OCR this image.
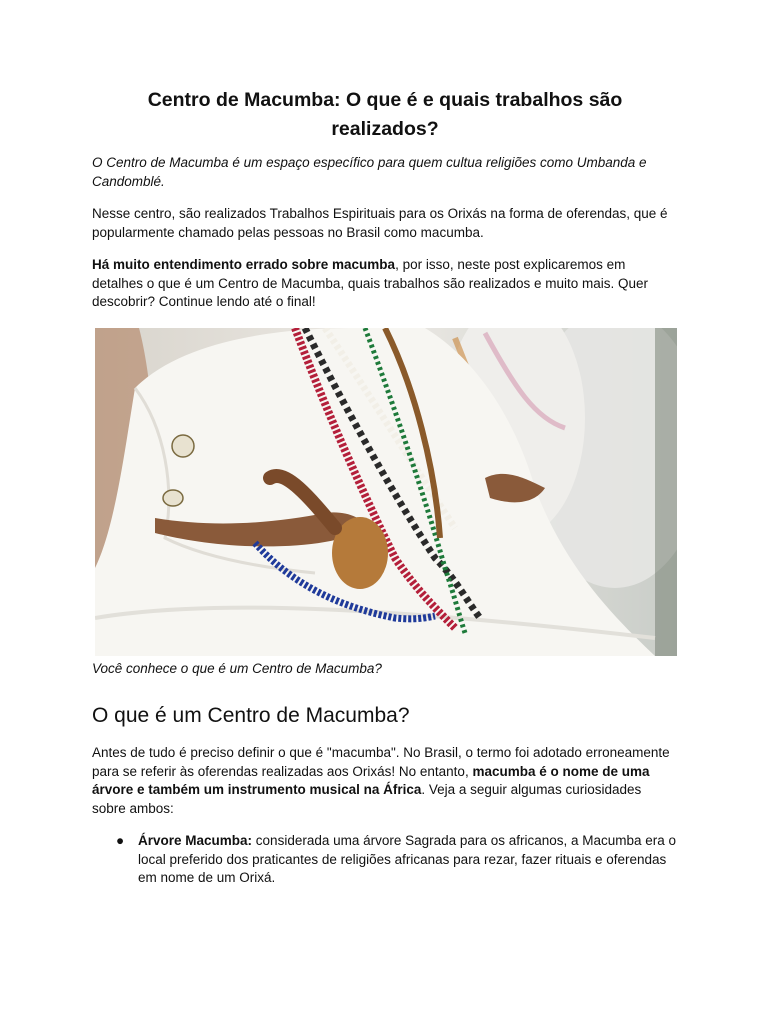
Centro de Macumba: O que é e quais trabalhos são realizados?

O Centro de Macumba é um espaço específico para quem cultua religiões como Umbanda e Candomblé.

Nesse centro, são realizados Trabalhos Espirituais para os Orixás na forma de oferendas, que é popularmente chamado pelas pessoas no Brasil como macumba.

Há muito entendimento errado sobre macumba, por isso, neste post explicaremos em detalhes o que é um Centro de Macumba, quais trabalhos são realizados e muito mais. Quer descobrir? Continue lendo até o final!

Você conhece o que é um Centro de Macumba?

O que é um Centro de Macumba?

Antes de tudo é preciso definir o que é "macumba". No Brasil, o termo foi adotado erroneamente para se referir às oferendas realizadas aos Orixás! No entanto, macumba é o nome de uma árvore e também um instrumento musical na África. Veja a seguir algumas curiosidades sobre ambos:

● Árvore Macumba: considerada uma árvore Sagrada para os africanos, a Macumba era o local preferido dos praticantes de religiões africanas para rezar, fazer rituais e oferendas em nome de um Orixá.
